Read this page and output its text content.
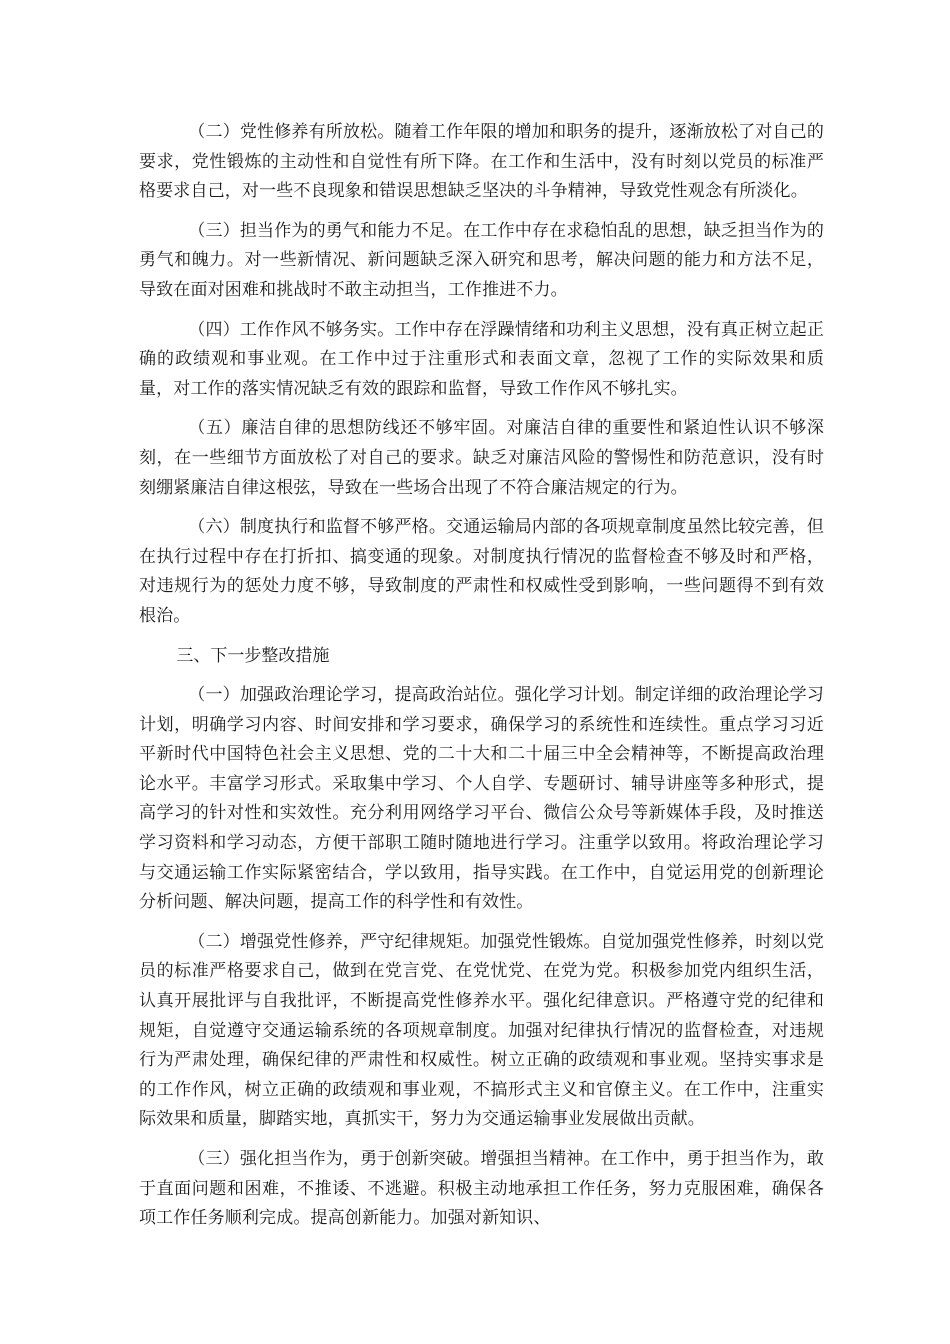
（二）党性修养有所放松。随着工作年限的增加和职务的提升，逐渐放松了对自己的要求，党性锻炼的主动性和自觉性有所下降。在工作和生活中，没有时刻以党员的标准严格要求自己，对一些不良现象和错误思想缺乏坚决的斗争精神，导致党性观念有所淡化。

（三）担当作为的勇气和能力不足。在工作中存在求稳怕乱的思想，缺乏担当作为的勇气和魄力。对一些新情况、新问题缺乏深入研究和思考，解决问题的能力和方法不足，导致在面对困难和挑战时不敢主动担当，工作推进不力。

（四）工作作风不够务实。工作中存在浮躁情绪和功利主义思想，没有真正树立起正确的政绩观和事业观。在工作中过于注重形式和表面文章，忽视了工作的实际效果和质量，对工作的落实情况缺乏有效的跟踪和监督，导致工作作风不够扎实。

（五）廉洁自律的思想防线还不够牢固。对廉洁自律的重要性和紧迫性认识不够深刻，在一些细节方面放松了对自己的要求。缺乏对廉洁风险的警惕性和防范意识，没有时刻绷紧廉洁自律这根弦，导致在一些场合出现了不符合廉洁规定的行为。

（六）制度执行和监督不够严格。交通运输局内部的各项规章制度虽然比较完善，但在执行过程中存在打折扣、搞变通的现象。对制度执行情况的监督检查不够及时和严格，对违规行为的惩处力度不够，导致制度的严肃性和权威性受到影响，一些问题得不到有效根治。

三、下一步整改措施

（一）加强政治理论学习，提高政治站位。强化学习计划。制定详细的政治理论学习计划，明确学习内容、时间安排和学习要求，确保学习的系统性和连续性。重点学习习近平新时代中国特色社会主义思想、党的二十大和二十届三中全会精神等，不断提高政治理论水平。丰富学习形式。采取集中学习、个人自学、专题研讨、辅导讲座等多种形式，提高学习的针对性和实效性。充分利用网络学习平台、微信公众号等新媒体手段，及时推送学习资料和学习动态，方便干部职工随时随地进行学习。注重学以致用。将政治理论学习与交通运输工作实际紧密结合，学以致用，指导实践。在工作中，自觉运用党的创新理论分析问题、解决问题，提高工作的科学性和有效性。

（二）增强党性修养，严守纪律规矩。加强党性锻炼。自觉加强党性修养，时刻以党员的标准严格要求自己，做到在党言党、在党忧党、在党为党。积极参加党内组织生活，认真开展批评与自我批评，不断提高党性修养水平。强化纪律意识。严格遵守党的纪律和规矩，自觉遵守交通运输系统的各项规章制度。加强对纪律执行情况的监督检查，对违规行为严肃处理，确保纪律的严肃性和权威性。树立正确的政绩观和事业观。坚持实事求是的工作作风，树立正确的政绩观和事业观，不搞形式主义和官僚主义。在工作中，注重实际效果和质量，脚踏实地，真抓实干，努力为交通运输事业发展做出贡献。

（三）强化担当作为，勇于创新突破。增强担当精神。在工作中，勇于担当作为，敢于直面问题和困难，不推诿、不逃避。积极主动地承担工作任务，努力克服困难，确保各项工作任务顺利完成。提高创新能力。加强对新知识、
